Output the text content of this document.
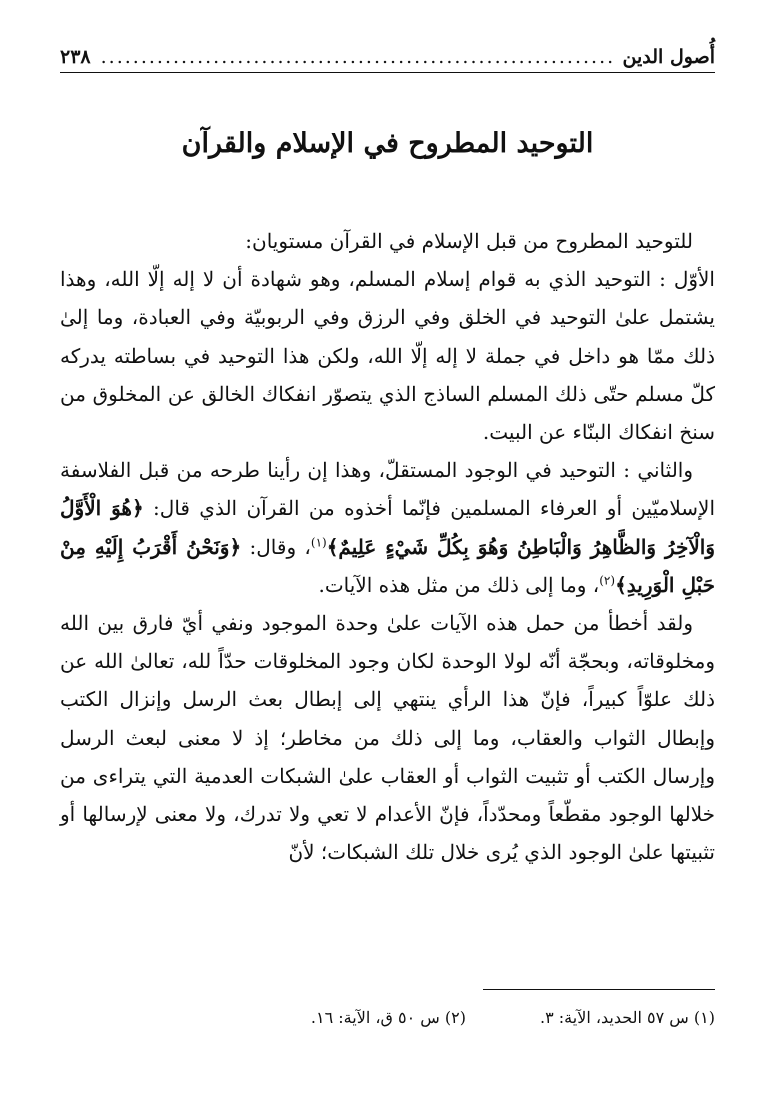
أُصول الدين
.....
٢٣٨
التوحيد المطروح في الإسلام والقرآن

للتوحيد المطروح من قبل الإسلام في القرآن مستويان:

الأوّل : التوحيد الذي به قوام إسلام المسلم، وهو شهادة أن لا إله إلّا الله، وهذا يشتمل علىٰ التوحيد في الخلق وفي الرزق وفي الربوبيّة وفي العبادة، وما إلىٰ ذلك ممّا هو داخل في جملة لا إله إلّا الله، ولكن هذا التوحيد في بساطته يدركه كلّ مسلم حتّى ذلك المسلم الساذج الذي يتصوّر انفكاك الخالق عن المخلوق من سنخ انفكاك البنّاء عن البيت.

والثاني : التوحيد في الوجود المستقلّ، وهذا إن رأينا طرحه من قبل الفلاسفة الإسلاميّين أو العرفاء المسلمين فإنّما أخذوه من القرآن الذي قال: ﴿هُوَ الْأَوَّلُ وَالْآخِرُ وَالظَّاهِرُ وَالْبَاطِنُ وَهُوَ بِكُلِّ شَيْءٍ عَلِيمٌ﴾$^{(١)}$، وقال: ﴿وَنَحْنُ أَقْرَبُ إِلَيْهِ مِنْ حَبْلِ الْوَرِيدِ﴾$^{(٢)}$، وما إلى ذلك من مثل هذه الآيات.

ولقد أخطأ من حمل هذه الآيات علىٰ وحدة الموجود ونفي أيّ فارق بين الله ومخلوقاته، وبحجّة أنّه لولا الوحدة لكان وجود المخلوقات حدّاً لله، تعالىٰ الله عن ذلك علوّاً كبيراً، فإنّ هذا الرأي ينتهي إلى إبطال بعث الرسل وإنزال الكتب وإبطال الثواب والعقاب، وما إلى ذلك من مخاطر؛ إذ لا معنى لبعث الرسل وإرسال الكتب أو تثبيت الثواب أو العقاب علىٰ الشبكات العدمية التي يتراءى من خلالها الوجود مقطّعاً ومحدّداً، فإنّ الأعدام لا تعي ولا تدرك، ولا معنى لإرسالها أو تثبيتها علىٰ الوجود الذي يُرى خلال تلك الشبكات؛ لأنّ

(١) س ٥٧ الحديد، الآية: ٣.
(٢) س ٥٠ ق، الآية: ١٦.
